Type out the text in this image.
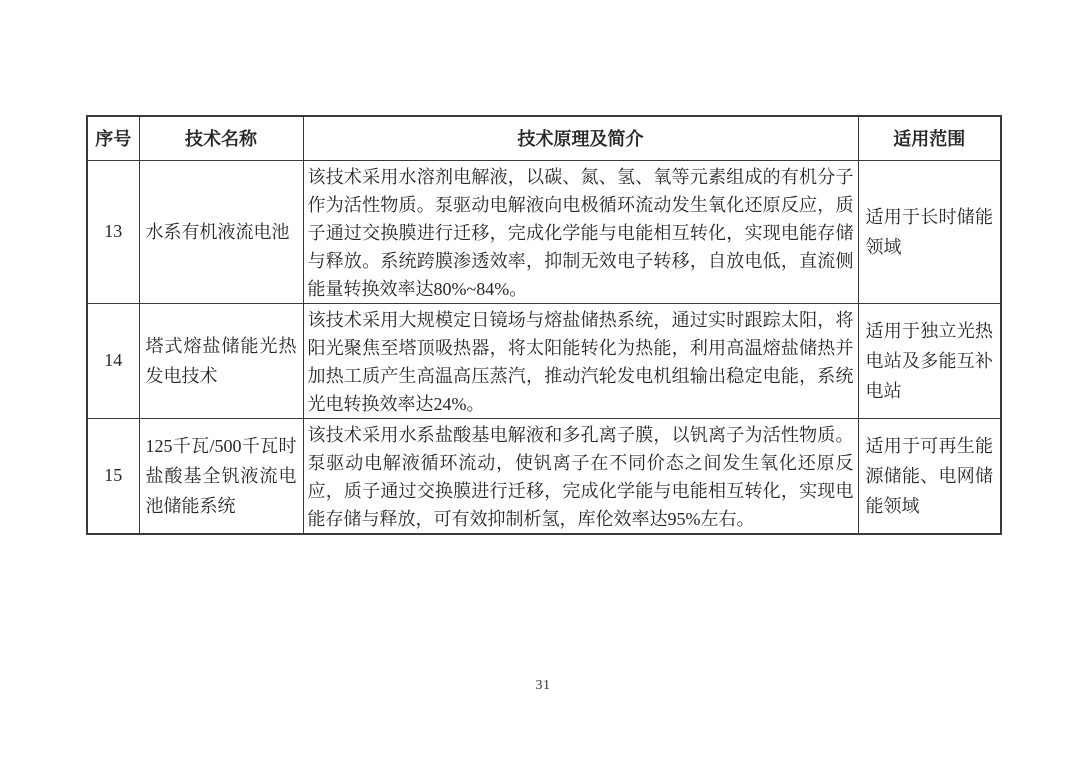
序号	技术名称	技术原理及简介	适用范围
13	水系有机液流电池	该技术采用水溶剂电解液，以碳、氮、氢、氧等元素组成的有机分子作为活性物质。泵驱动电解液向电极循环流动发生氧化还原反应，质子通过交换膜进行迁移，完成化学能与电能相互转化，实现电能存储与释放。系统跨膜渗透效率，抑制无效电子转移，自放电低，直流侧能量转换效率达80%~84%。	适用于长时储能领域
14	塔式熔盐储能光热发电技术	该技术采用大规模定日镜场与熔盐储热系统，通过实时跟踪太阳，将阳光聚焦至塔顶吸热器，将太阳能转化为热能，利用高温熔盐储热并加热工质产生高温高压蒸汽，推动汽轮发电机组输出稳定电能，系统光电转换效率达24%。	适用于独立光热电站及多能互补电站
15	125千瓦/500千瓦时盐酸基全钒液流电池储能系统	该技术采用水系盐酸基电解液和多孔离子膜，以钒离子为活性物质。泵驱动电解液循环流动，使钒离子在不同价态之间发生氧化还原反应，质子通过交换膜进行迁移，完成化学能与电能相互转化，实现电能存储与释放，可有效抑制析氢，库伦效率达95%左右。	适用于可再生能源储能、电网储能领域
31
